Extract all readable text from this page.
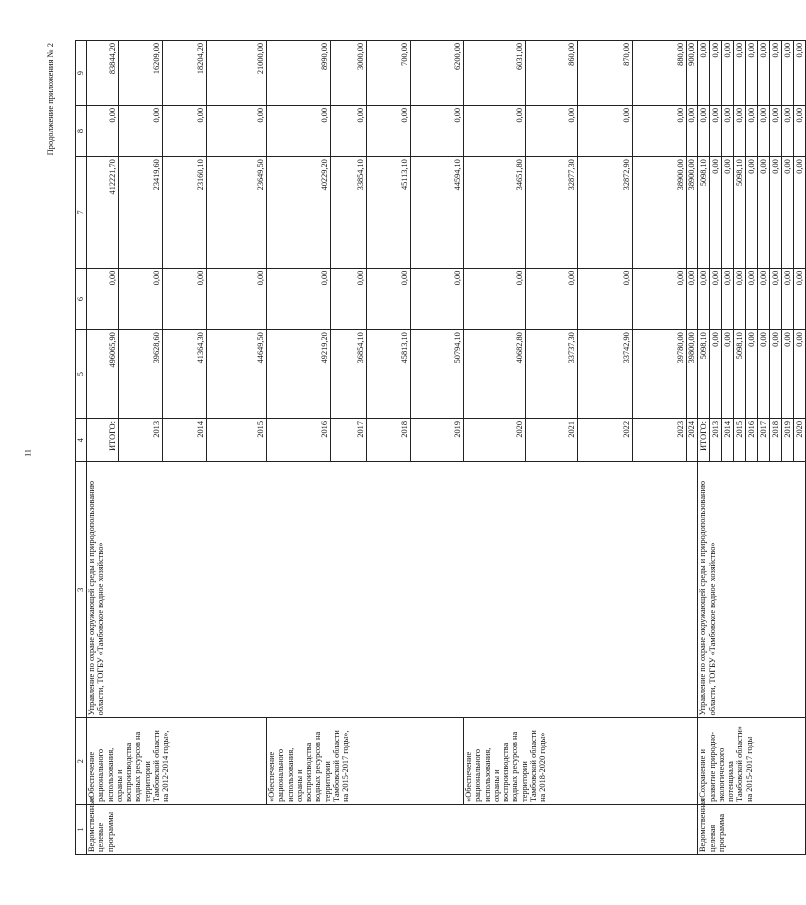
11
Продолжение приложения № 2
1	2	3	4	5	6	7	8	9
Ведомственные целевые программы	«Обеспечение рационального использования, охраны и воспроизводства водных ресурсов на территории Тамбовской области на 2012-2014 годы»,	Управление по охране окружающей среды и природопользованию области, ТОГБУ «Тамбовское водное хозяйство»	ИТОГО:	496065,90	0,00	412221,70	0,00	83844,20
			2013	39628,60	0,00	23419,60	0,00	16209,00
			2014	41364,30	0,00	23160,10	0,00	18204,20
			2015	44649,50	0,00	23649,50	0,00	21000,00
	«Обеспечение рационального использования, охраны и воспроизводства водных ресурсов на территории Тамбовской области на 2015-2017 годы»,		2016	49219,20	0,00	40229,20	0,00	8990,00
			2017	36854,10	0,00	33854,10	0,00	3000,00
			2018	45813,10	0,00	45113,10	0,00	700,00
			2019	50794,10	0,00	44594,10	0,00	6200,00
	«Обеспечение рационального использования, охраны и воспроизводства водных ресурсов на территории Тамбовской области на 2018-2020 годы»		2020	40682,80	0,00	34651,80	0,00	6031,00
			2021	33737,30	0,00	32877,30	0,00	860,00
			2022	33742,90	0,00	32872,90	0,00	870,00
			2023	39780,00	0,00	38900,00	0,00	880,00
			2024	39800,00	0,00	38900,00	0,00	900,00
Ведомственная целевая программа	«Сохранение и развитие природно-экологического потенциала Тамбовской области» на 2015-2017 годы	Управление по охране окружающей среды и природопользованию области, ТОГБУ «Тамбовское водное хозяйство»	ИТОГО:	5098,10	0,00	5098,10	0,00	0,00
			2013	0,00	0,00	0,00	0,00	0,00
			2014	0,00	0,00	0,00	0,00	0,00
			2015	5098,10	0,00	5098,10	0,00	0,00
			2016	0,00	0,00	0,00	0,00	0,00
			2017	0,00	0,00	0,00	0,00	0,00
			2018	0,00	0,00	0,00	0,00	0,00
			2019	0,00	0,00	0,00	0,00	0,00
			2020	0,00	0,00	0,00	0,00	0,00
